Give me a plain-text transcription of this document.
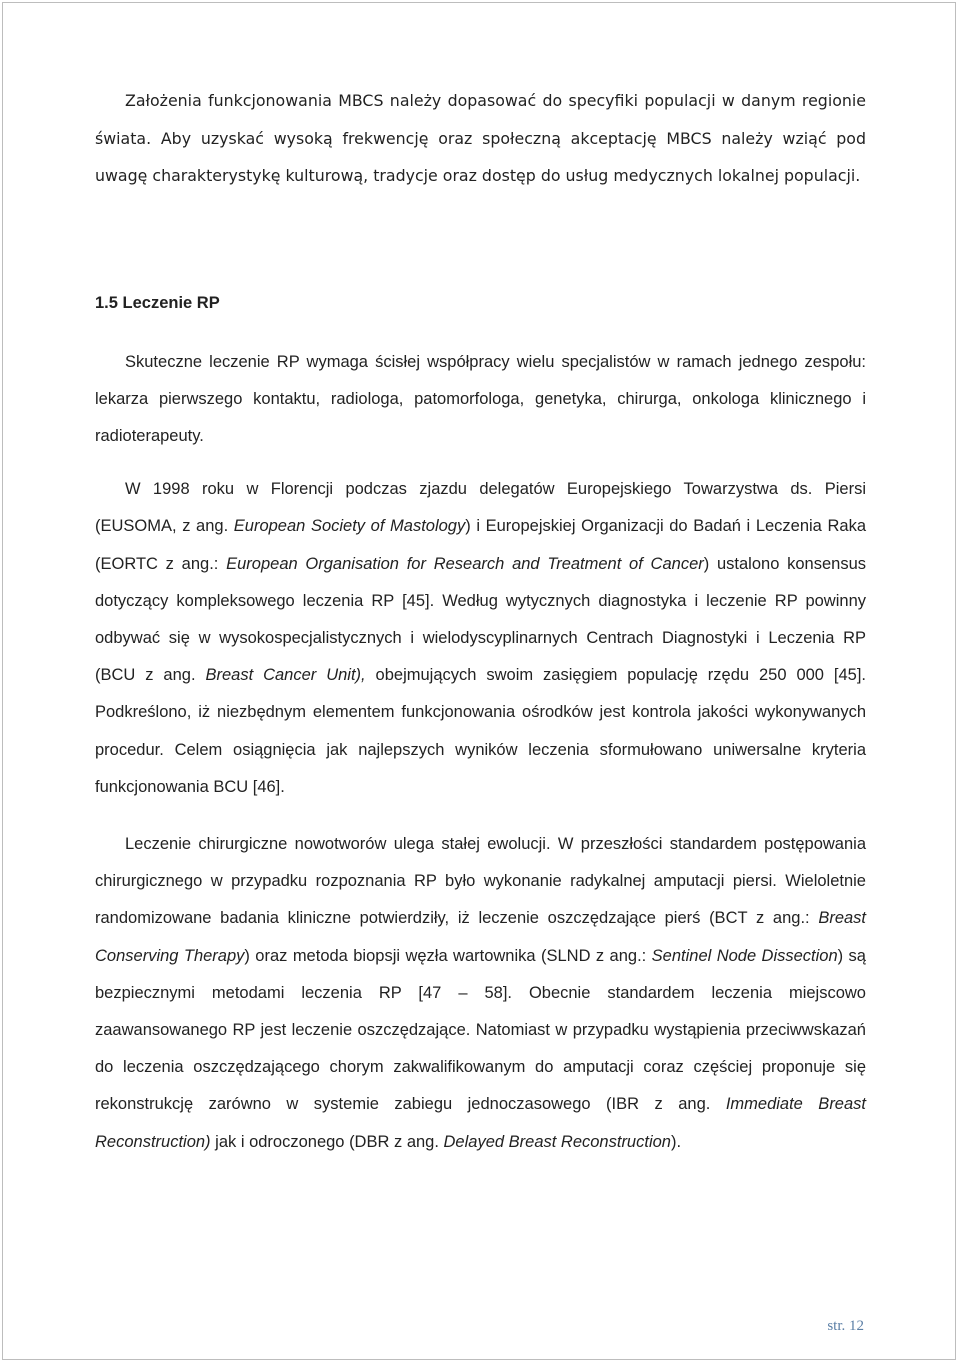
Założenia funkcjonowania MBCS należy dopasować do specyfiki populacji w danym regionie świata. Aby uzyskać wysoką frekwencję oraz społeczną akceptację MBCS należy wziąć pod uwagę charakterystykę kulturową, tradycje oraz dostęp do usług medycznych lokalnej populacji.

1.5 Leczenie RP

Skuteczne leczenie RP wymaga ścisłej współpracy wielu specjalistów w ramach jednego zespołu: lekarza pierwszego kontaktu, radiologa, patomorfologa, genetyka, chirurga, onkologa klinicznego i radioterapeuty.

W 1998 roku w Florencji podczas zjazdu delegatów Europejskiego Towarzystwa ds. Piersi (EUSOMA, z ang. European Society of Mastology) i Europejskiej Organizacji do Badań i Leczenia Raka (EORTC z ang.: European Organisation for Research and Treatment of Cancer) ustalono konsensus dotyczący kompleksowego leczenia RP [45]. Według wytycznych diagnostyka i leczenie RP powinny odbywać się w wysokospecjalistycznych i wielodyscyplinarnych Centrach Diagnostyki i Leczenia RP (BCU z ang. Breast Cancer Unit), obejmujących swoim zasięgiem populację rzędu 250 000 [45]. Podkreślono, iż niezbędnym elementem funkcjonowania ośrodków jest kontrola jakości wykonywanych procedur. Celem osiągnięcia jak najlepszych wyników leczenia sformułowano uniwersalne kryteria funkcjonowania BCU [46].

Leczenie chirurgiczne nowotworów ulega stałej ewolucji. W przeszłości standardem postępowania chirurgicznego w przypadku rozpoznania RP było wykonanie radykalnej amputacji piersi. Wieloletnie randomizowane badania kliniczne potwierdziły, iż leczenie oszczędzające pierś (BCT z ang.: Breast Conserving Therapy) oraz metoda biopsji węzła wartownika (SLND z ang.: Sentinel Node Dissection) są bezpiecznymi metodami leczenia RP [47 – 58]. Obecnie standardem leczenia miejscowo zaawansowanego RP jest leczenie oszczędzające. Natomiast w przypadku wystąpienia przeciwwskazań do leczenia oszczędzającego chorym zakwalifikowanym do amputacji coraz częściej proponuje się rekonstrukcję zarówno w systemie zabiegu jednoczasowego (IBR z ang. Immediate Breast Reconstruction) jak i odroczonego (DBR z ang. Delayed Breast Reconstruction).

str. 12
